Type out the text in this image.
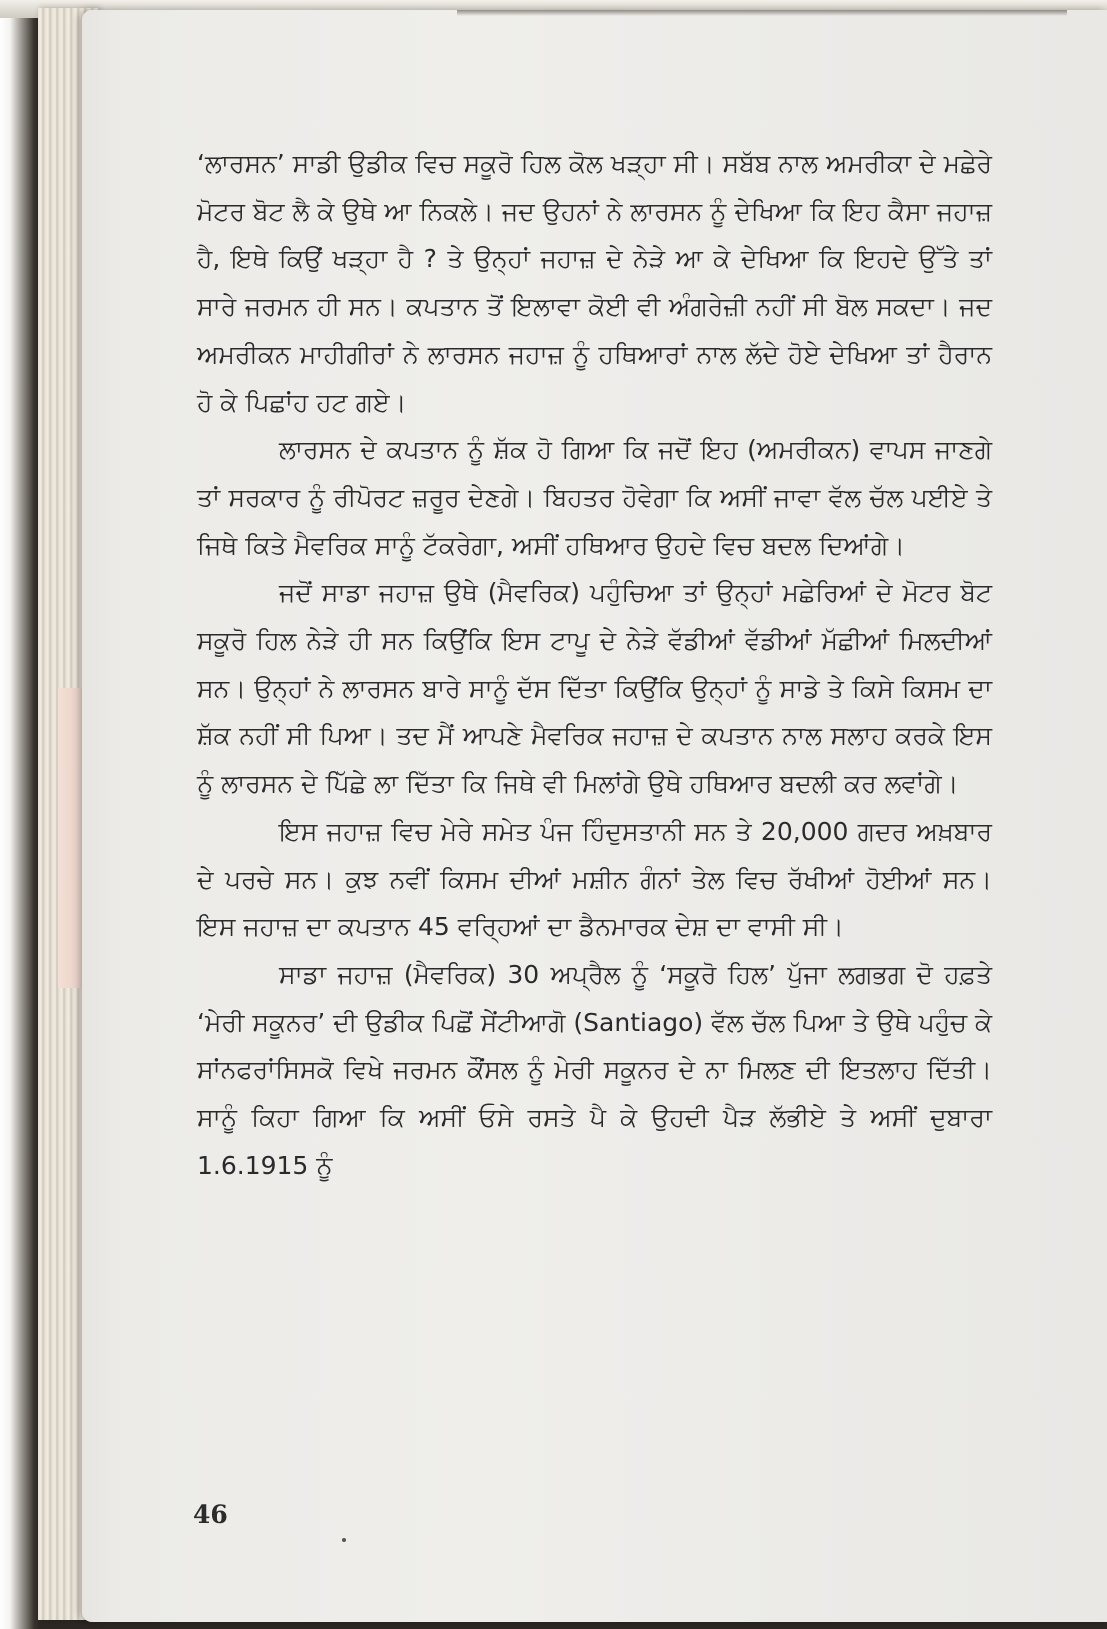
‘ਲਾਰਸਨ’ ਸਾਡੀ ਉਡੀਕ ਵਿਚ ਸਕੂਰੋ ਹਿਲ ਕੋਲ ਖੜ੍ਹਾ ਸੀ। ਸਬੱਬ ਨਾਲ ਅਮਰੀਕਾ ਦੇ ਮਛੇਰੇ ਮੋਟਰ ਬੋਟ ਲੈ ਕੇ ਉਥੇ ਆ ਨਿਕਲੇ। ਜਦ ਉਹਨਾਂ ਨੇ ਲਾਰਸਨ ਨੂੰ ਦੇਖਿਆ ਕਿ ਇਹ ਕੈਸਾ ਜਹਾਜ਼ ਹੈ, ਇਥੇ ਕਿਉਂ ਖੜ੍ਹਾ ਹੈ ? ਤੇ ਉਨ੍ਹਾਂ ਜਹਾਜ਼ ਦੇ ਨੇੜੇ ਆ ਕੇ ਦੇਖਿਆ ਕਿ ਇਹਦੇ ਉੱਤੇ ਤਾਂ ਸਾਰੇ ਜਰਮਨ ਹੀ ਸਨ। ਕਪਤਾਨ ਤੋਂ ਇਲਾਵਾ ਕੋਈ ਵੀ ਅੰਗਰੇਜ਼ੀ ਨਹੀਂ ਸੀ ਬੋਲ ਸਕਦਾ। ਜਦ ਅਮਰੀਕਨ ਮਾਹੀਗੀਰਾਂ ਨੇ ਲਾਰਸਨ ਜਹਾਜ਼ ਨੂੰ ਹਥਿਆਰਾਂ ਨਾਲ ਲੱਦੇ ਹੋਏ ਦੇਖਿਆ ਤਾਂ ਹੈਰਾਨ ਹੋ ਕੇ ਪਿਛਾਂਹ ਹਟ ਗਏ।

ਲਾਰਸਨ ਦੇ ਕਪਤਾਨ ਨੂੰ ਸ਼ੱਕ ਹੋ ਗਿਆ ਕਿ ਜਦੋਂ ਇਹ (ਅਮਰੀਕਨ) ਵਾਪਸ ਜਾਣਗੇ ਤਾਂ ਸਰਕਾਰ ਨੂੰ ਰੀਪੋਰਟ ਜ਼ਰੂਰ ਦੇਣਗੇ। ਬਿਹਤਰ ਹੋਵੇਗਾ ਕਿ ਅਸੀਂ ਜਾਵਾ ਵੱਲ ਚੱਲ ਪਈਏ ਤੇ ਜਿਥੇ ਕਿਤੇ ਮੈਵਰਿਕ ਸਾਨੂੰ ਟੱਕਰੇਗਾ, ਅਸੀਂ ਹਥਿਆਰ ਉਹਦੇ ਵਿਚ ਬਦਲ ਦਿਆਂਗੇ।

ਜਦੋਂ ਸਾਡਾ ਜਹਾਜ਼ ਉਥੇ (ਮੈਵਰਿਕ) ਪਹੁੰਚਿਆ ਤਾਂ ਉਨ੍ਹਾਂ ਮਛੇਰਿਆਂ ਦੇ ਮੋਟਰ ਬੋਟ ਸਕੂਰੋ ਹਿਲ ਨੇੜੇ ਹੀ ਸਨ ਕਿਉਂਕਿ ਇਸ ਟਾਪੂ ਦੇ ਨੇੜੇ ਵੱਡੀਆਂ ਵੱਡੀਆਂ ਮੱਛੀਆਂ ਮਿਲਦੀਆਂ ਸਨ। ਉਨ੍ਹਾਂ ਨੇ ਲਾਰਸਨ ਬਾਰੇ ਸਾਨੂੰ ਦੱਸ ਦਿੱਤਾ ਕਿਉਂਕਿ ਉਨ੍ਹਾਂ ਨੂੰ ਸਾਡੇ ਤੇ ਕਿਸੇ ਕਿਸਮ ਦਾ ਸ਼ੱਕ ਨਹੀਂ ਸੀ ਪਿਆ। ਤਦ ਮੈਂ ਆਪਣੇ ਮੈਵਰਿਕ ਜਹਾਜ਼ ਦੇ ਕਪਤਾਨ ਨਾਲ ਸਲਾਹ ਕਰਕੇ ਇਸ ਨੂੰ ਲਾਰਸਨ ਦੇ ਪਿੱਛੇ ਲਾ ਦਿੱਤਾ ਕਿ ਜਿਥੇ ਵੀ ਮਿਲਾਂਗੇ ਉਥੇ ਹਥਿਆਰ ਬਦਲੀ ਕਰ ਲਵਾਂਗੇ।

ਇਸ ਜਹਾਜ਼ ਵਿਚ ਮੇਰੇ ਸਮੇਤ ਪੰਜ ਹਿੰਦੁਸਤਾਨੀ ਸਨ ਤੇ 20,000 ਗਦਰ ਅਖ਼ਬਾਰ ਦੇ ਪਰਚੇ ਸਨ। ਕੁਝ ਨਵੀਂ ਕਿਸਮ ਦੀਆਂ ਮਸ਼ੀਨ ਗੰਨਾਂ ਤੇਲ ਵਿਚ ਰੱਖੀਆਂ ਹੋਈਆਂ ਸਨ। ਇਸ ਜਹਾਜ਼ ਦਾ ਕਪਤਾਨ 45 ਵਰ੍ਹਿਆਂ ਦਾ ਡੈਨਮਾਰਕ ਦੇਸ਼ ਦਾ ਵਾਸੀ ਸੀ।

ਸਾਡਾ ਜਹਾਜ਼ (ਮੈਵਰਿਕ) 30 ਅਪ੍ਰੈਲ ਨੂੰ ‘ਸਕੂਰੋ ਹਿਲ’ ਪੁੱਜਾ ਲਗਭਗ ਦੋ ਹਫ਼ਤੇ ‘ਮੇਰੀ ਸਕੂਨਰ’ ਦੀ ਉਡੀਕ ਪਿਛੋਂ ਸੇਂਟੀਆਗੋ (Santiago) ਵੱਲ ਚੱਲ ਪਿਆ ਤੇ ਉਥੇ ਪਹੁੰਚ ਕੇ ਸਾਂਨਫਰਾਂਸਿਸਕੋ ਵਿਖੇ ਜਰਮਨ ਕੌਂਸਲ ਨੂੰ ਮੇਰੀ ਸਕੂਨਰ ਦੇ ਨਾ ਮਿਲਣ ਦੀ ਇਤਲਾਹ ਦਿੱਤੀ। ਸਾਨੂੰ ਕਿਹਾ ਗਿਆ ਕਿ ਅਸੀਂ ਓਸੇ ਰਸਤੇ ਪੈ ਕੇ ਉਹਦੀ ਪੈੜ ਲੱਭੀਏ ਤੇ ਅਸੀਂ ਦੁਬਾਰਾ 1.6.1915 ਨੂੰ

46
